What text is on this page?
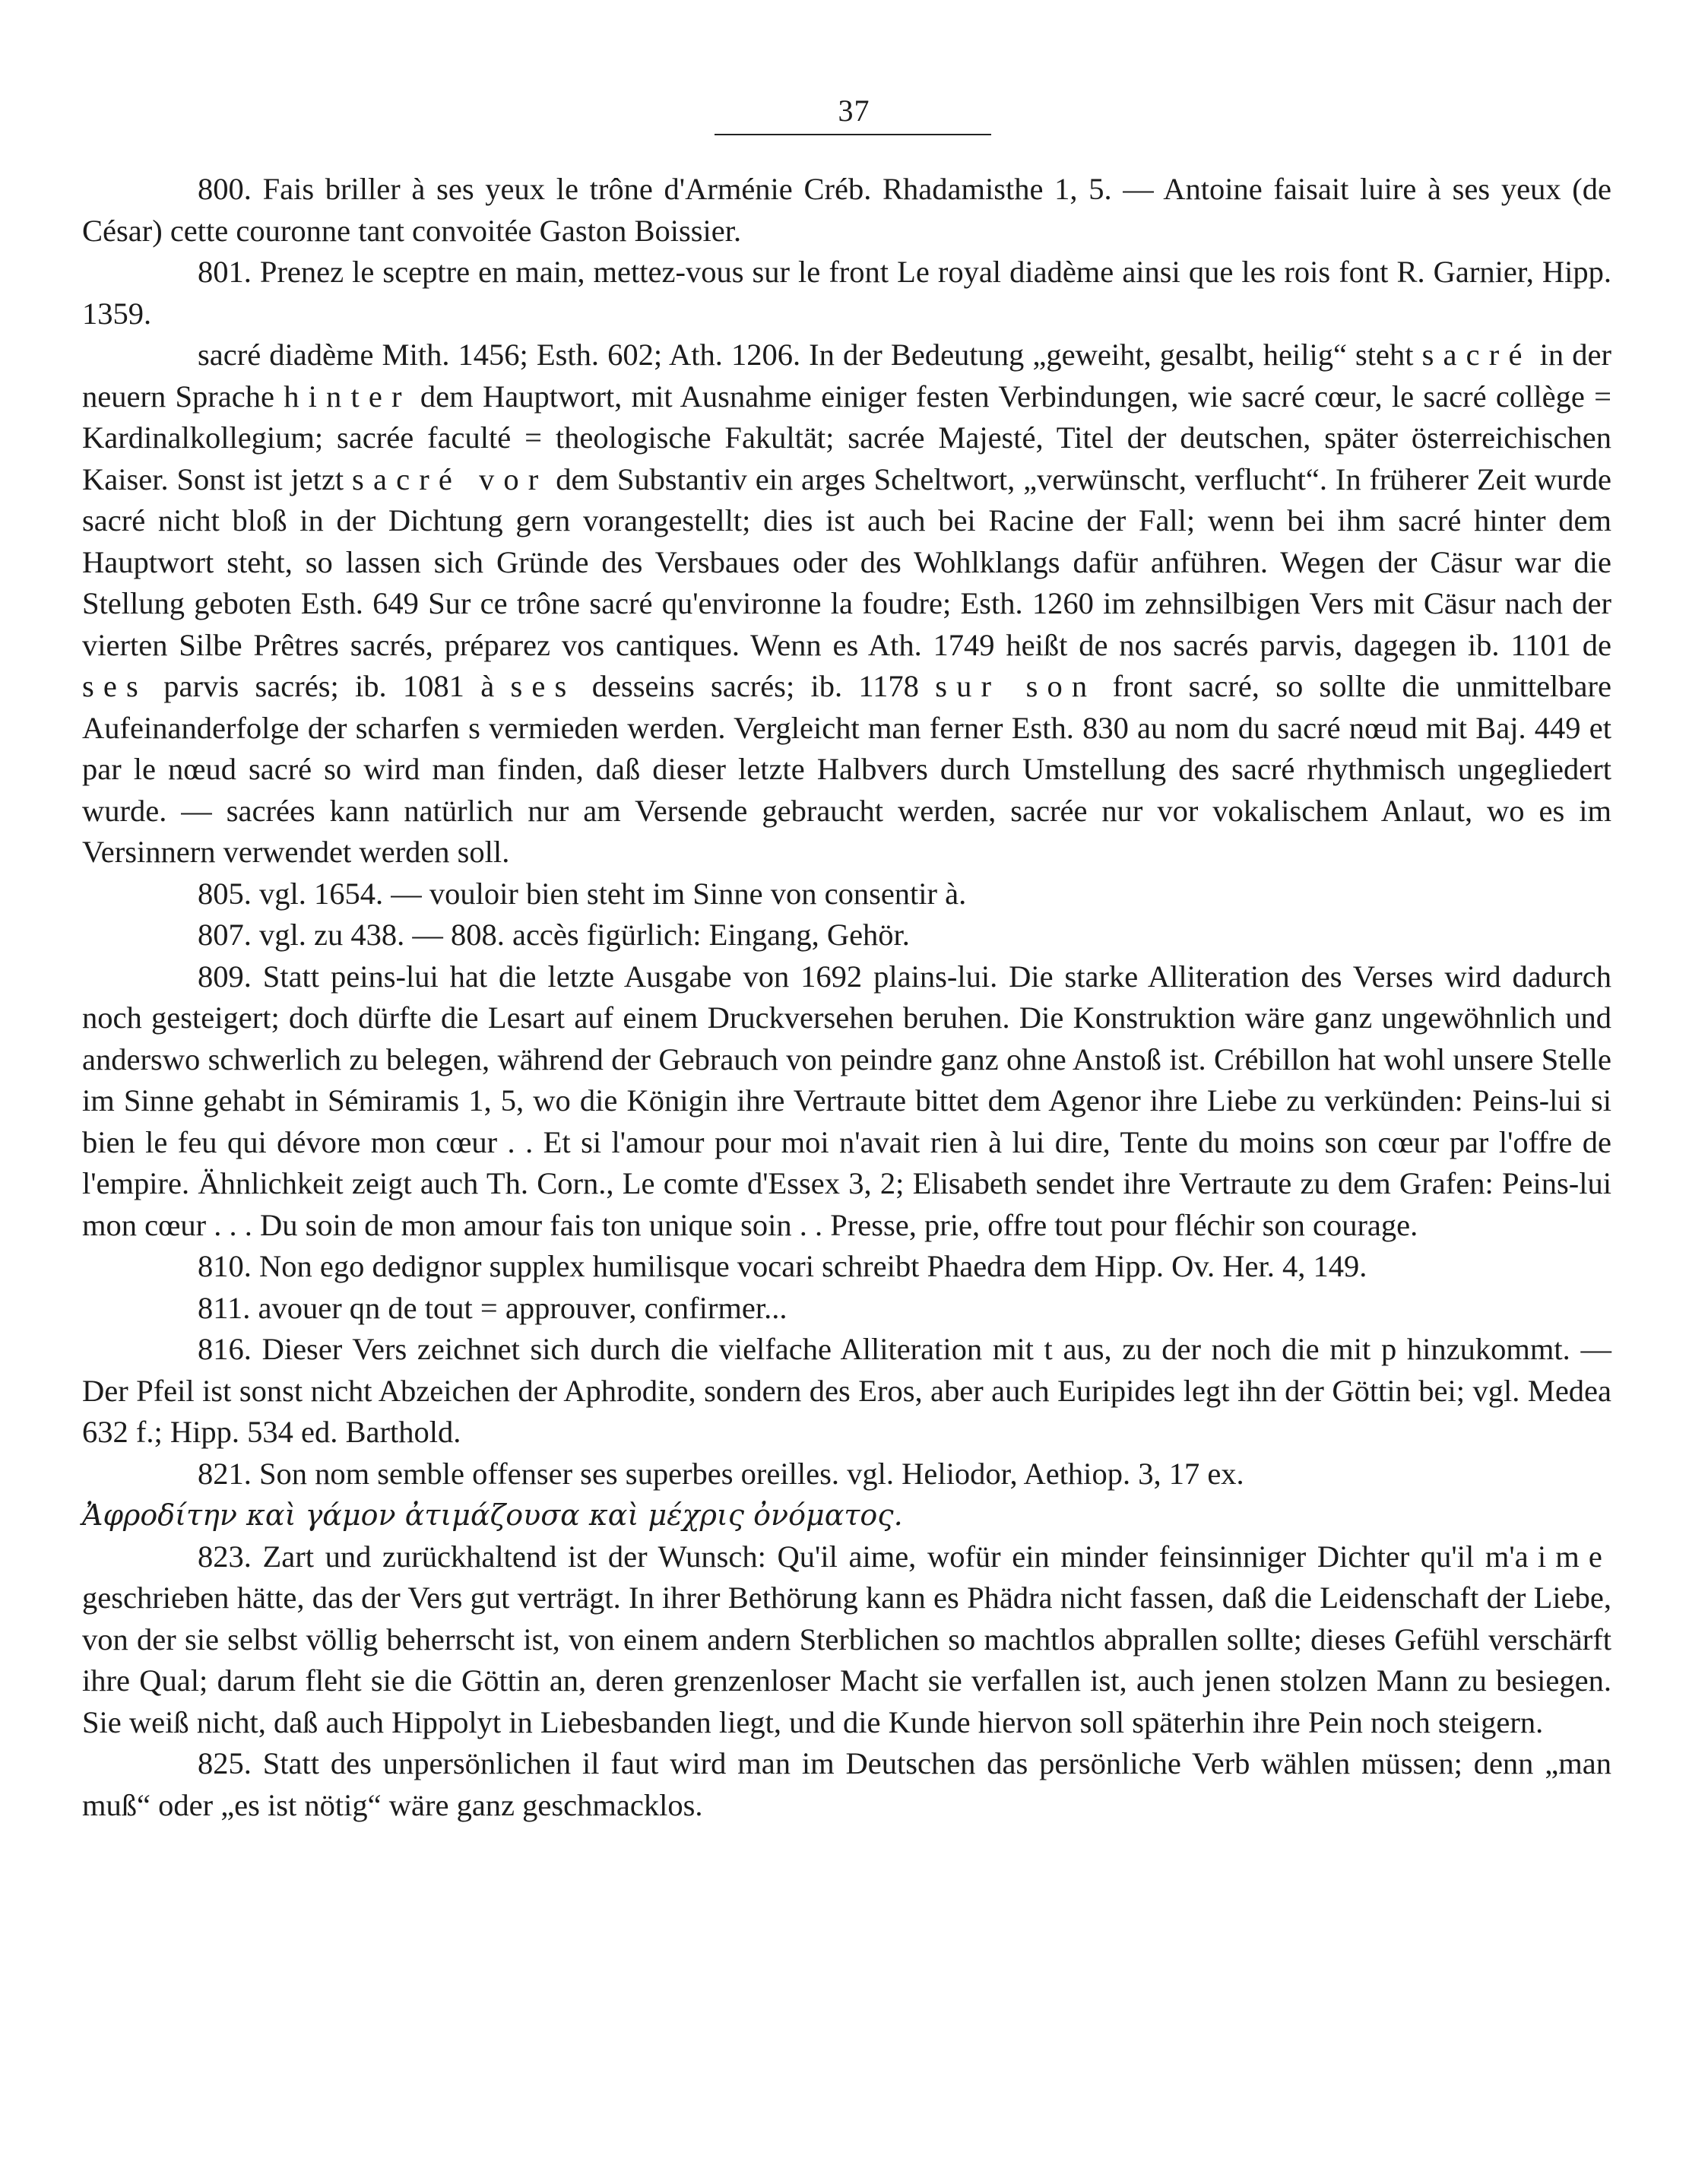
37

800. Fais briller à ses yeux le trône d'Arménie Créb. Rhadamisthe 1, 5. — Antoine faisait luire à ses yeux (de César) cette couronne tant convoitée Gaston Boissier.

801. Prenez le sceptre en main, mettez-vous sur le front Le royal diadème ainsi que les rois font R. Garnier, Hipp. 1359.

sacré diadème Mith. 1456; Esth. 602; Ath. 1206. In der Bedeutung „geweiht, gesalbt, heilig“ steht sacré in der neuern Sprache hinter dem Hauptwort, mit Ausnahme einiger festen Verbindungen, wie sacré cœur, le sacré collège = Kardinalkollegium; sacrée faculté = theologische Fakultät; sacrée Majesté, Titel der deutschen, später österreichischen Kaiser. Sonst ist jetzt sacré vor dem Substantiv ein arges Scheltwort, „verwünscht, verflucht“. In früherer Zeit wurde sacré nicht bloß in der Dichtung gern vorangestellt; dies ist auch bei Racine der Fall; wenn bei ihm sacré hinter dem Hauptwort steht, so lassen sich Gründe des Versbaues oder des Wohlklangs dafür anführen. Wegen der Cäsur war die Stellung geboten Esth. 649 Sur ce trône sacré qu'environne la foudre; Esth. 1260 im zehnsilbigen Vers mit Cäsur nach der vierten Silbe Prêtres sacrés, préparez vos cantiques. Wenn es Ath. 1749 heißt de nos sacrés parvis, dagegen ib. 1101 de ses parvis sacrés; ib. 1081 à ses desseins sacrés; ib. 1178 sur son front sacré, so sollte die unmittelbare Aufeinanderfolge der scharfen s vermieden werden. Vergleicht man ferner Esth. 830 au nom du sacré nœud mit Baj. 449 et par le nœud sacré so wird man finden, daß dieser letzte Halbvers durch Umstellung des sacré rhythmisch ungegliedert wurde. — sacrées kann natürlich nur am Versende gebraucht werden, sacrée nur vor vokalischem Anlaut, wo es im Versinnern verwendet werden soll.

805. vgl. 1654. — vouloir bien steht im Sinne von consentir à.

807. vgl. zu 438. — 808. accès figürlich: Eingang, Gehör.

809. Statt peins-lui hat die letzte Ausgabe von 1692 plains-lui. Die starke Alliteration des Verses wird dadurch noch gesteigert; doch dürfte die Lesart auf einem Druckversehen beruhen. Die Konstruktion wäre ganz ungewöhnlich und anderswo schwerlich zu belegen, während der Gebrauch von peindre ganz ohne Anstoß ist. Crébillon hat wohl unsere Stelle im Sinne gehabt in Sémiramis 1, 5, wo die Königin ihre Vertraute bittet dem Agenor ihre Liebe zu verkünden: Peins-lui si bien le feu qui dévore mon cœur . . Et si l'amour pour moi n'avait rien à lui dire, Tente du moins son cœur par l'offre de l'empire. Ähnlichkeit zeigt auch Th. Corn., Le comte d'Essex 3, 2; Elisabeth sendet ihre Vertraute zu dem Grafen: Peins-lui mon cœur . . . Du soin de mon amour fais ton unique soin . . Presse, prie, offre tout pour fléchir son courage.

810. Non ego dedignor supplex humilisque vocari schreibt Phaedra dem Hipp. Ov. Her. 4, 149.

811. avouer qn de tout = approuver, confirmer...

816. Dieser Vers zeichnet sich durch die vielfache Alliteration mit t aus, zu der noch die mit p hinzukommt. — Der Pfeil ist sonst nicht Abzeichen der Aphrodite, sondern des Eros, aber auch Euripides legt ihn der Göttin bei; vgl. Medea 632 f.; Hipp. 534 ed. Barthold.

821. Son nom semble offenser ses superbes oreilles. vgl. Heliodor, Aethiop. 3, 17 ex.

Ἀφροδίτην καὶ γάμον ἀτιμάζουσα καὶ μέχρις ὀνόματος.

823. Zart und zurückhaltend ist der Wunsch: Qu'il aime, wofür ein minder feinsinniger Dichter qu'il m'aime geschrieben hätte, das der Vers gut verträgt. In ihrer Bethörung kann es Phädra nicht fassen, daß die Leidenschaft der Liebe, von der sie selbst völlig beherrscht ist, von einem andern Sterblichen so machtlos abprallen sollte; dieses Gefühl verschärft ihre Qual; darum fleht sie die Göttin an, deren grenzenloser Macht sie verfallen ist, auch jenen stolzen Mann zu besiegen. Sie weiß nicht, daß auch Hippolyt in Liebesbanden liegt, und die Kunde hiervon soll späterhin ihre Pein noch steigern.

825. Statt des unpersönlichen il faut wird man im Deutschen das persönliche Verb wählen müssen; denn „man muß“ oder „es ist nötig“ wäre ganz geschmacklos.
